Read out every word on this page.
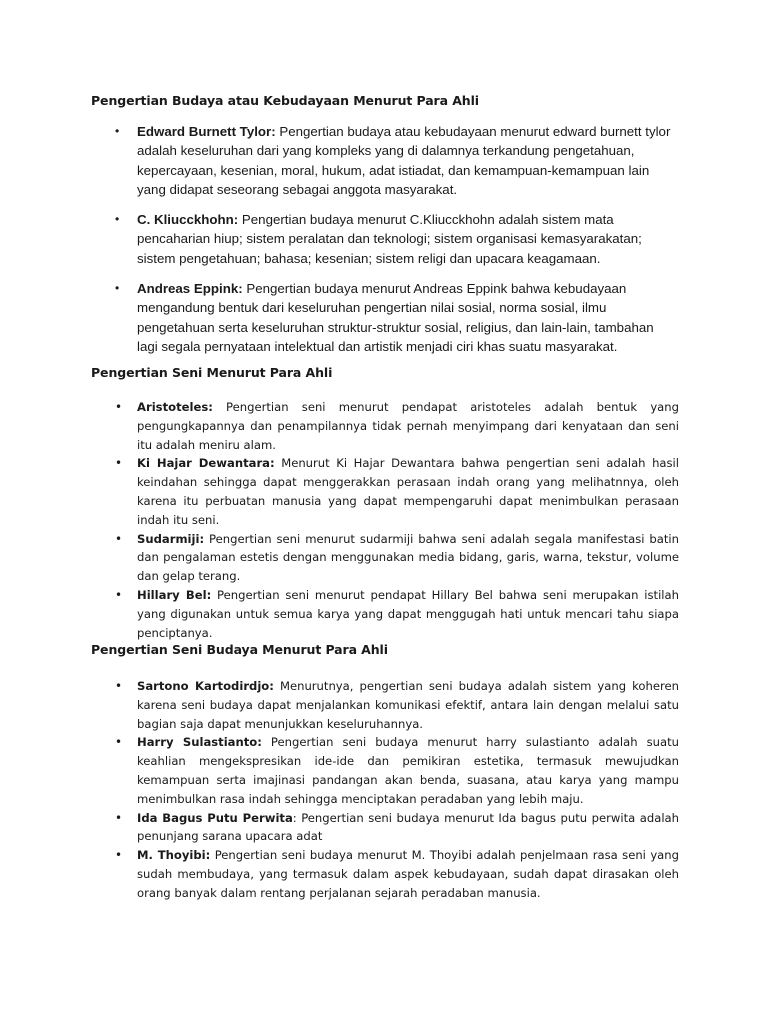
Pengertian Budaya atau Kebudayaan Menurut Para Ahli
• Edward Burnett Tylor: Pengertian budaya atau kebudayaan menurut edward burnett tylor adalah keseluruhan dari yang kompleks yang di dalamnya terkandung pengetahuan, kepercayaan, kesenian, moral, hukum, adat istiadat, dan kemampuan-kemampuan lain yang didapat seseorang sebagai anggota masyarakat.
• C. Kliucckhohn: Pengertian budaya menurut C.Kliucckhohn adalah sistem mata pencaharian hiup; sistem peralatan dan teknologi; sistem organisasi kemasyarakatan; sistem pengetahuan; bahasa; kesenian; sistem religi dan upacara keagamaan.
• Andreas Eppink: Pengertian budaya menurut Andreas Eppink bahwa kebudayaan mengandung bentuk dari keseluruhan pengertian nilai sosial, norma sosial, ilmu pengetahuan serta keseluruhan struktur-struktur sosial, religius, dan lain-lain, tambahan lagi segala pernyataan intelektual dan artistik menjadi ciri khas suatu masyarakat.
Pengertian Seni Menurut Para Ahli
• Aristoteles: Pengertian seni menurut pendapat aristoteles adalah bentuk yang pengungkapannya dan penampilannya tidak pernah menyimpang dari kenyataan dan seni itu adalah meniru alam.
• Ki Hajar Dewantara: Menurut Ki Hajar Dewantara bahwa pengertian seni adalah hasil keindahan sehingga dapat menggerakkan perasaan indah orang yang melihatnnya, oleh karena itu perbuatan manusia yang dapat mempengaruhi dapat menimbulkan perasaan indah itu seni.
• Sudarmiji: Pengertian seni menurut sudarmiji bahwa seni adalah segala manifestasi batin dan pengalaman estetis dengan menggunakan media bidang, garis, warna, tekstur, volume dan gelap terang.
• Hillary Bel: Pengertian seni menurut pendapat Hillary Bel bahwa seni merupakan istilah yang digunakan untuk semua karya yang dapat menggugah hati untuk mencari tahu siapa penciptanya.
Pengertian Seni Budaya Menurut Para Ahli
• Sartono Kartodirdjo: Menurutnya, pengertian seni budaya adalah sistem yang koheren karena seni budaya dapat menjalankan komunikasi efektif, antara lain dengan melalui satu bagian saja dapat menunjukkan keseluruhannya.
• Harry Sulastianto: Pengertian seni budaya menurut harry sulastianto adalah suatu keahlian mengekspresikan ide-ide dan pemikiran estetika, termasuk mewujudkan kemampuan serta imajinasi pandangan akan benda, suasana, atau karya yang mampu menimbulkan rasa indah sehingga menciptakan peradaban yang lebih maju.
• Ida Bagus Putu Perwita: Pengertian seni budaya menurut Ida bagus putu perwita adalah penunjang sarana upacara adat
• M. Thoyibi: Pengertian seni budaya menurut M. Thoyibi adalah penjelmaan rasa seni yang sudah membudaya, yang termasuk dalam aspek kebudayaan, sudah dapat dirasakan oleh orang banyak dalam rentang perjalanan sejarah peradaban manusia.
